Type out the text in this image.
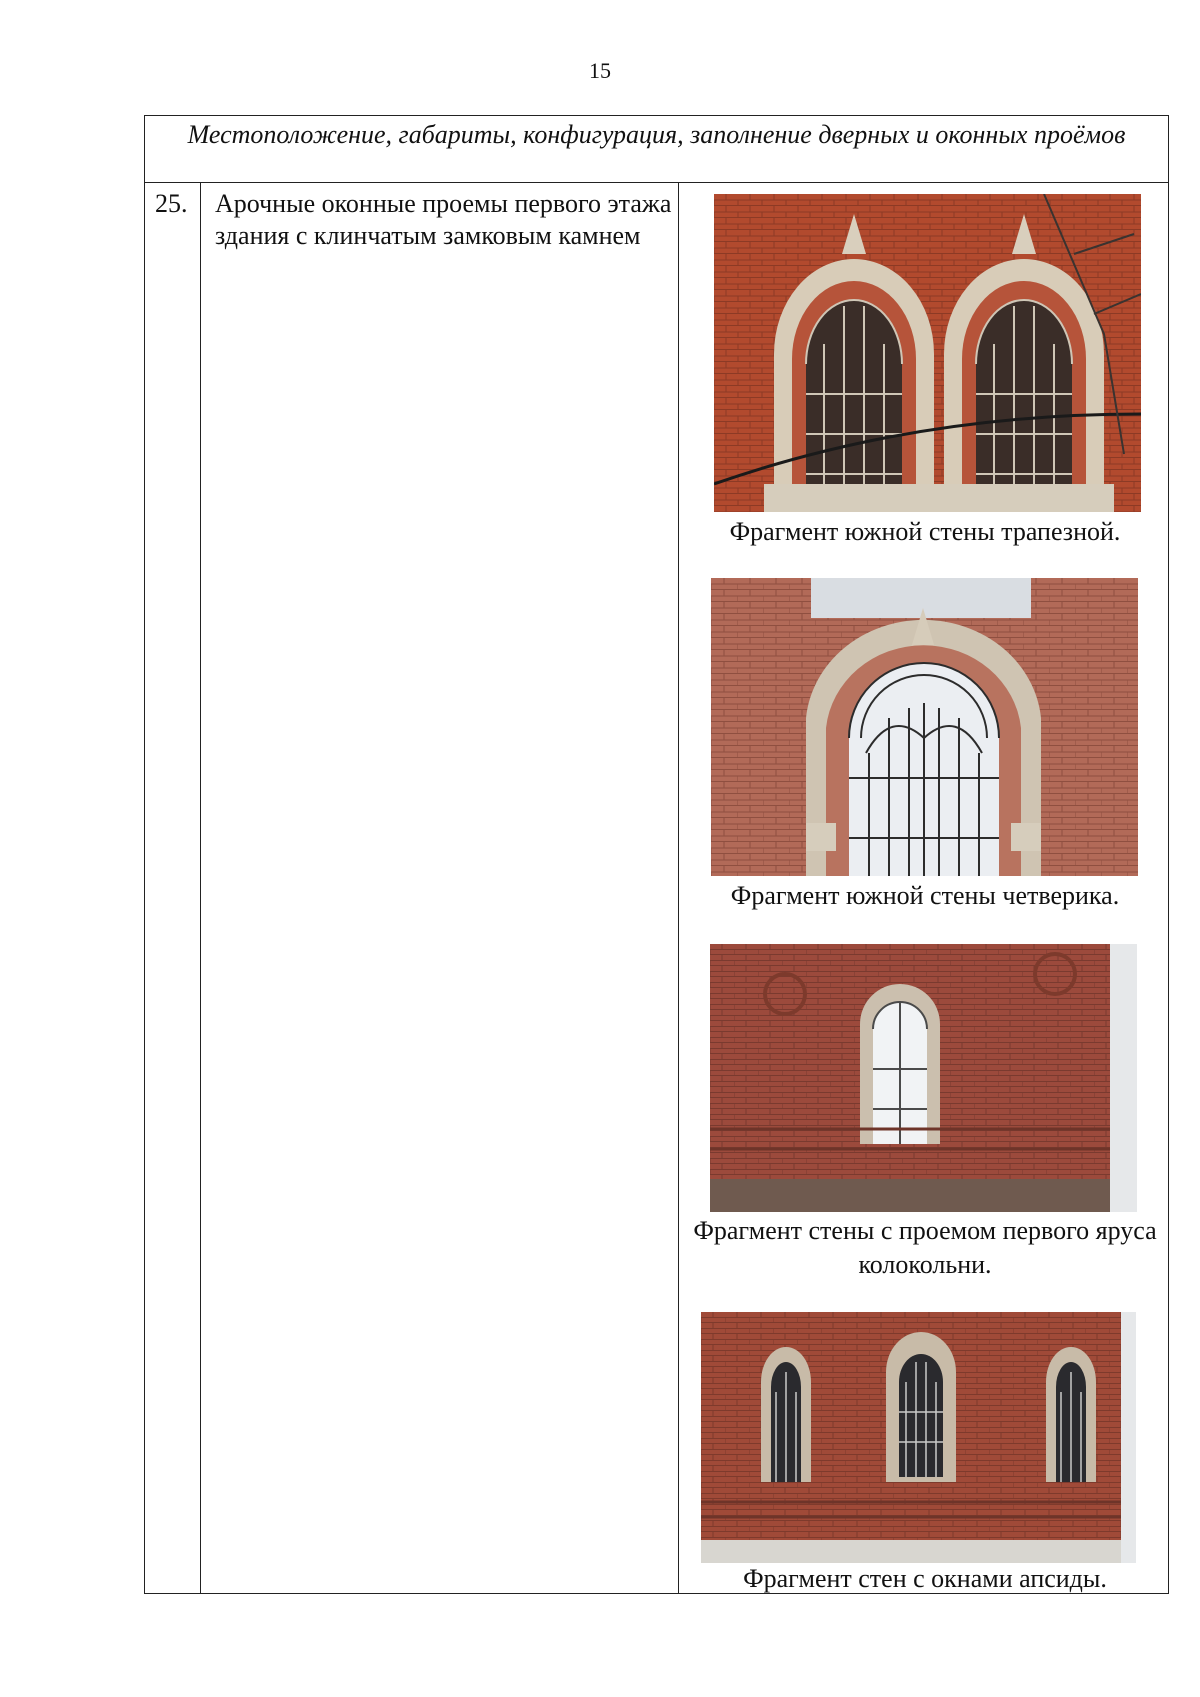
15
Местоположение, габариты, конфигурация, заполнение дверных и оконных проёмов
25. Арочные оконные проемы первого этажа здания с клинчатым замковым камнем
Фрагмент южной стены трапезной.
Фрагмент южной стены четверика.
Фрагмент стены с проемом первого яруса колокольни.
Фрагмент стен с окнами апсиды.
